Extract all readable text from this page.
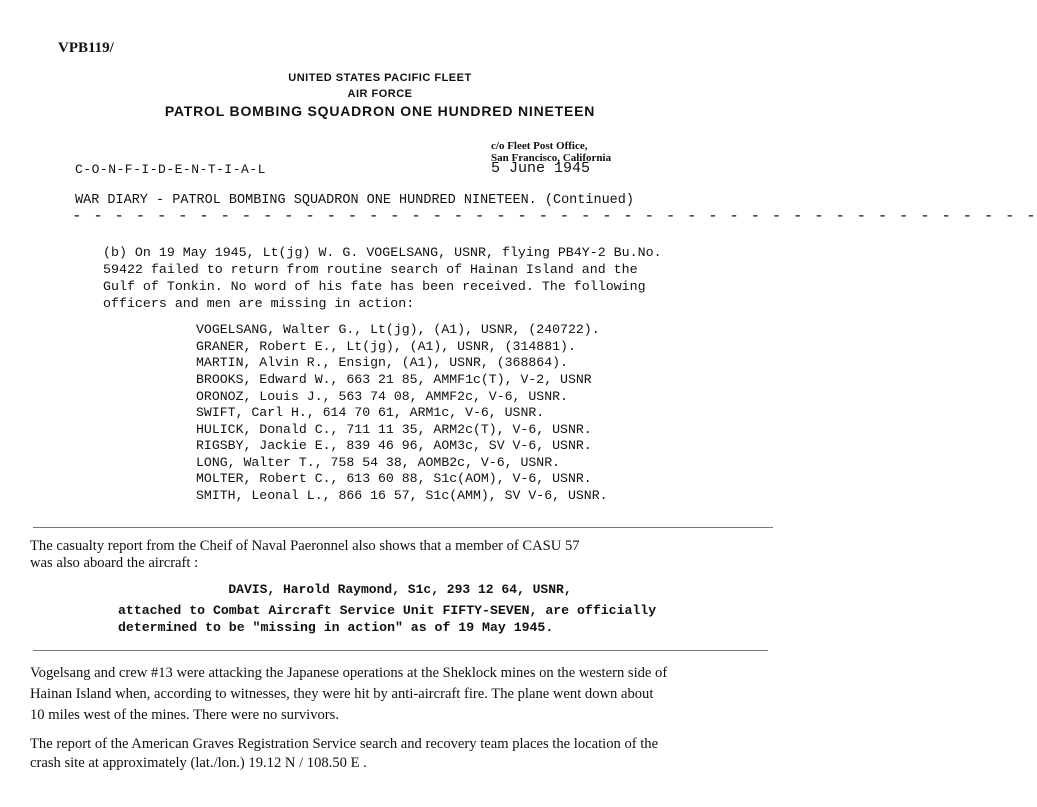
VPB119/
UNITED STATES PACIFIC FLEET
AIR FORCE
PATROL BOMBING SQUADRON ONE HUNDRED NINETEEN
C-O-N-F-I-D-E-N-T-I-A-L
c/o Fleet Post Office,
San Francisco, California
5 June 1945
WAR DIARY - PATROL BOMBING SQUADRON ONE HUNDRED NINETEEN. (Continued)
- - - - - - - - - - - - - - - - - - - - - - - - - - - - - - - - - - - - - - - - - - - - - -
(b) On 19 May 1945, Lt(jg) W. G. VOGELSANG, USNR, flying PB4Y-2 Bu.No.
59422 failed to return from routine search of Hainan Island and the
Gulf of Tonkin. No word of his fate has been received. The following
officers and men are missing in action:
VOGELSANG, Walter G., Lt(jg), (A1), USNR, (240722).
GRANER, Robert E., Lt(jg), (A1), USNR, (314881).
MARTIN, Alvin R., Ensign, (A1), USNR, (368864).
BROOKS, Edward W., 663 21 85, AMMF1c(T), V-2, USNR
ORONOZ, Louis J., 563 74 08, AMMF2c, V-6, USNR.
SWIFT, Carl H., 614 70 61, ARM1c, V-6, USNR.
HULICK, Donald C., 711 11 35, ARM2c(T), V-6, USNR.
RIGSBY, Jackie E., 839 46 96, AOM3c, SV V-6, USNR.
LONG, Walter T., 758 54 38, AOMB2c, V-6, USNR.
MOLTER, Robert C., 613 60 88, S1c(AOM), V-6, USNR.
SMITH, Leonal L., 866 16 57, S1c(AMM), SV V-6, USNR.
The casualty report from the Cheif of Naval Paeronnel also shows that a member of CASU 57
was also aboard the aircraft :
DAVIS, Harold Raymond, S1c, 293 12 64, USNR,
attached to Combat Aircraft Service Unit FIFTY-SEVEN, are officially
determined to be "missing in action" as of 19 May 1945.
Vogelsang and crew #13 were attacking the Japanese operations at the Sheklock mines on the western side of
Hainan Island when, according to witnesses, they were hit by anti-aircraft fire. The plane went down about
10 miles west of the mines. There were no survivors.
The report of the American Graves Registration Service search and recovery team places the location of the
crash site at approximately (lat./lon.) 19.12 N / 108.50 E .
